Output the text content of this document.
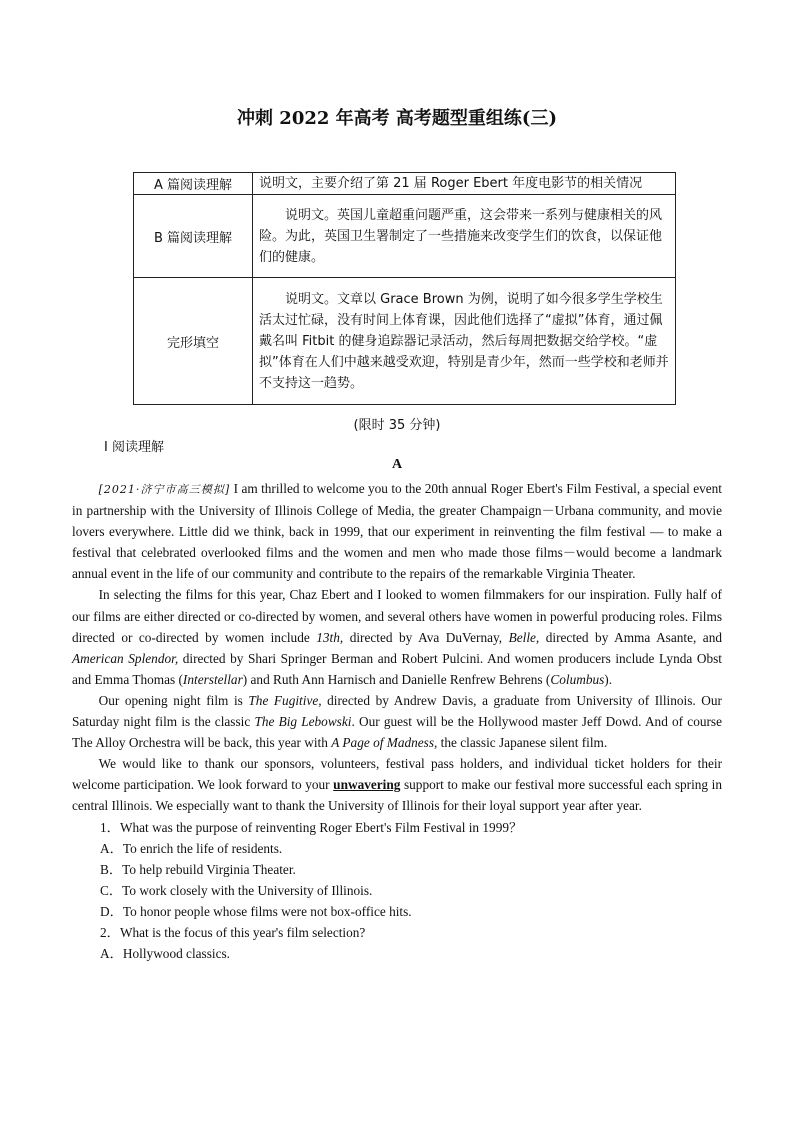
冲刺 2022 年高考 高考题型重组练(三)
A 篇阅读理解	说明文，主要介绍了第 21 届 Roger Ebert 年度电影节的相关情况
B 篇阅读理解	说明文。英国儿童超重问题严重，这会带来一系列与健康相关的风险。为此，英国卫生署制定了一些措施来改变学生们的饮食，以保证他们的健康。
完形填空	说明文。文章以 Grace Brown 为例，说明了如今很多学生学校生活太过忙碌，没有时间上体育课，因此他们选择了“虚拟”体育，通过佩戴名叫 Fitbit 的健身追踪器记录活动，然后每周把数据交给学校。“虚拟”体育在人们中越来越受欢迎，特别是青少年，然而一些学校和老师并不支持这一趋势。
(限时 35 分钟)
Ⅰ 阅读理解
A

[2021·济宁市高三模拟] I am thrilled to welcome you to the 20th annual Roger Ebert's Film Festival, a special event in partnership with the University of Illinois College of Media, the greater Champaign－Urbana community, and movie lovers everywhere. Little did we think, back in 1999, that our experiment in reinventing the film festival — to make a festival that celebrated overlooked films and the women and men who made those films－would become a landmark annual event in the life of our community and contribute to the repairs of the remarkable Virginia Theater.

In selecting the films for this year, Chaz Ebert and I looked to women filmmakers for our inspiration. Fully half of our films are either directed or co-directed by women, and several others have women in powerful producing roles. Films directed or co-directed by women include 13th, directed by Ava DuVernay, Belle, directed by Amma Asante, and American Splendor, directed by Shari Springer Berman and Robert Pulcini. And women producers include Lynda Obst and Emma Thomas (Interstellar) and Ruth Ann Harnisch and Danielle Renfrew Behrens (Columbus).

Our opening night film is The Fugitive, directed by Andrew Davis, a graduate from University of Illinois. Our Saturday night film is the classic The Big Lebowski. Our guest will be the Hollywood master Jeff Dowd. And of course The Alloy Orchestra will be back, this year with A Page of Madness, the classic Japanese silent film.

We would like to thank our sponsors, volunteers, festival pass holders, and individual ticket holders for their welcome participation. We look forward to your unwavering support to make our festival more successful each spring in central Illinois. We especially want to thank the University of Illinois for their loyal support year after year.

1．What was the purpose of reinventing Roger Ebert's Film Festival in 1999？
A．To enrich the life of residents.
B．To help rebuild Virginia Theater.
C．To work closely with the University of Illinois.
D．To honor people whose films were not box-office hits.
2．What is the focus of this year's film selection?
A．Hollywood classics.
